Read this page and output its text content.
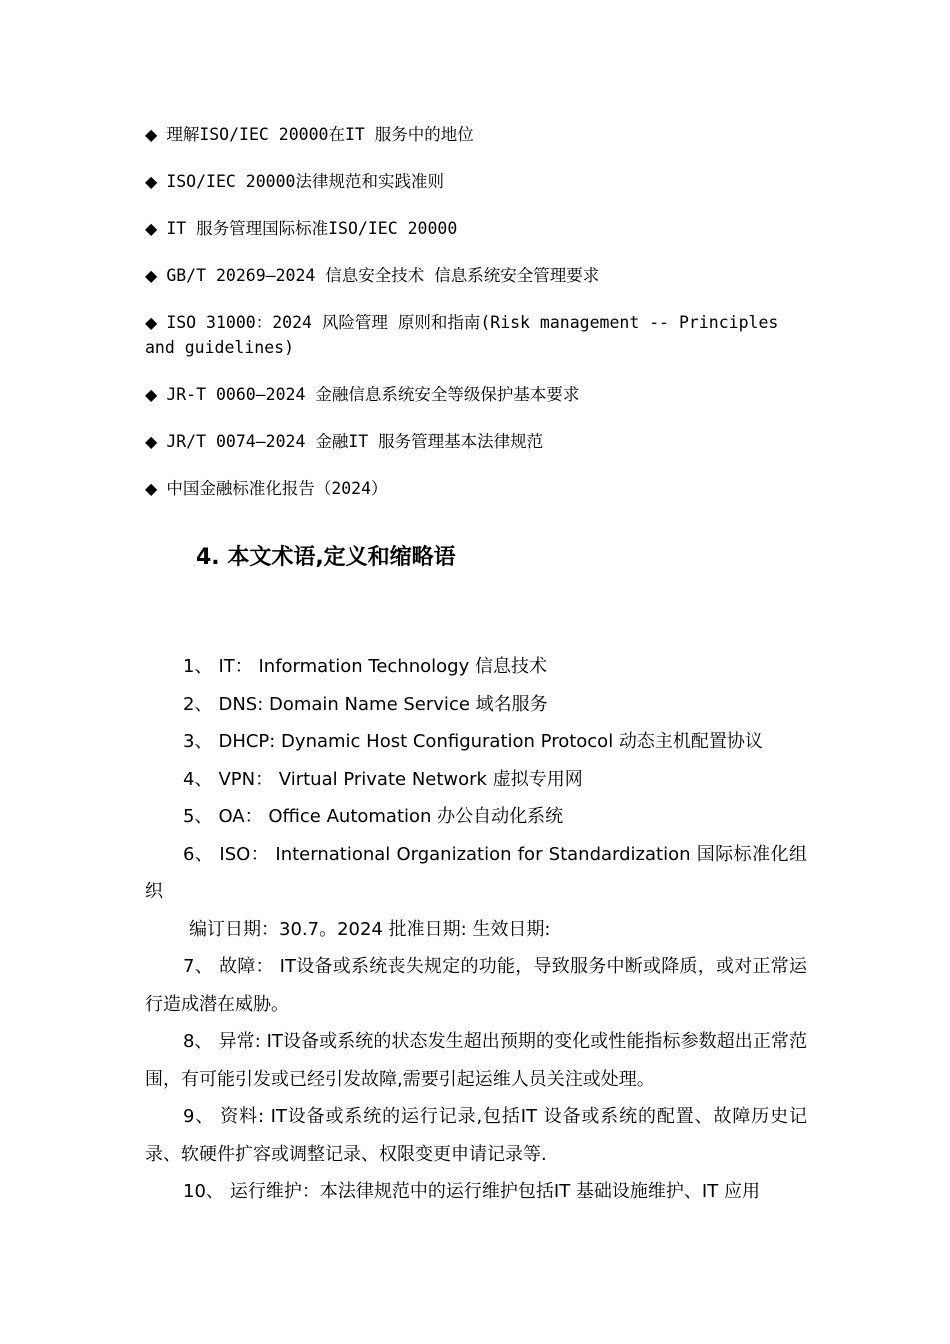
◆ 理解ISO/IEC 20000在IT 服务中的地位
◆ ISO/IEC 20000法律规范和实践准则
◆ IT 服务管理国际标准ISO/IEC 20000
◆ GB/T 20269—2024 信息安全技术 信息系统安全管理要求
◆ ISO 31000：2024 风险管理 原则和指南(Risk management -- Principles and guidelines)
◆ JR-T 0060—2024 金融信息系统安全等级保护基本要求
◆ JR/T 0074—2024 金融IT 服务管理基本法律规范
◆ 中国金融标准化报告（2024）
4. 本文术语,定义和缩略语
1、 IT： Information Technology 信息技术
2、 DNS: Domain Name Service 域名服务
3、 DHCP: Dynamic Host Configuration Protocol 动态主机配置协议
4、 VPN： Virtual Private Network 虚拟专用网
5、 OA： Office Automation 办公自动化系统
6、 ISO： International Organization for Standardization 国际标准化组织
编订日期：30.7。2024 批准日期: 生效日期:
7、 故障： IT设备或系统丧失规定的功能，导致服务中断或降质，或对正常运行造成潜在威胁。
8、 异常: IT设备或系统的状态发生超出预期的变化或性能指标参数超出正常范围，有可能引发或已经引发故障,需要引起运维人员关注或处理。
9、 资料: IT设备或系统的运行记录,包括IT 设备或系统的配置、故障历史记录、软硬件扩容或调整记录、权限变更申请记录等.
10、 运行维护：本法律规范中的运行维护包括IT 基础设施维护、IT 应用
